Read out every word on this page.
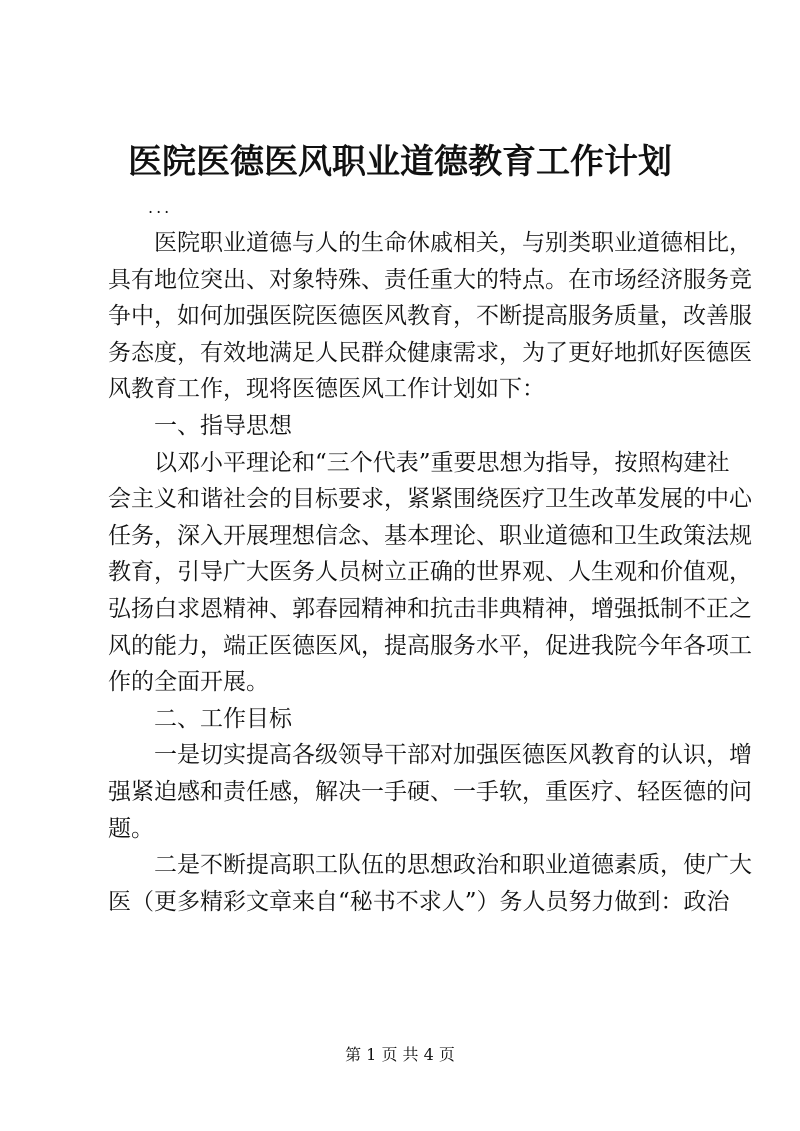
医院医德医风职业道德教育工作计划
...
医院职业道德与人的生命休戚相关，与别类职业道德相比，
具有地位突出、对象特殊、责任重大的特点。在市场经济服务竞
争中，如何加强医院医德医风教育，不断提高服务质量，改善服
务态度，有效地满足人民群众健康需求，为了更好地抓好医德医
风教育工作，现将医德医风工作计划如下：
一、指导思想
以邓小平理论和“三个代表”重要思想为指导，按照构建社
会主义和谐社会的目标要求，紧紧围绕医疗卫生改革发展的中心
任务，深入开展理想信念、基本理论、职业道德和卫生政策法规
教育，引导广大医务人员树立正确的世界观、人生观和价值观，
弘扬白求恩精神、郭春园精神和抗击非典精神，增强抵制不正之
风的能力，端正医德医风，提高服务水平，促进我院今年各项工
作的全面开展。
二、工作目标
一是切实提高各级领导干部对加强医德医风教育的认识，增
强紧迫感和责任感，解决一手硬、一手软，重医疗、轻医德的问
题。
二是不断提高职工队伍的思想政治和职业道德素质，使广大
医（更多精彩文章来自“秘书不求人”）务人员努力做到：政治
第 1 页 共 4 页
